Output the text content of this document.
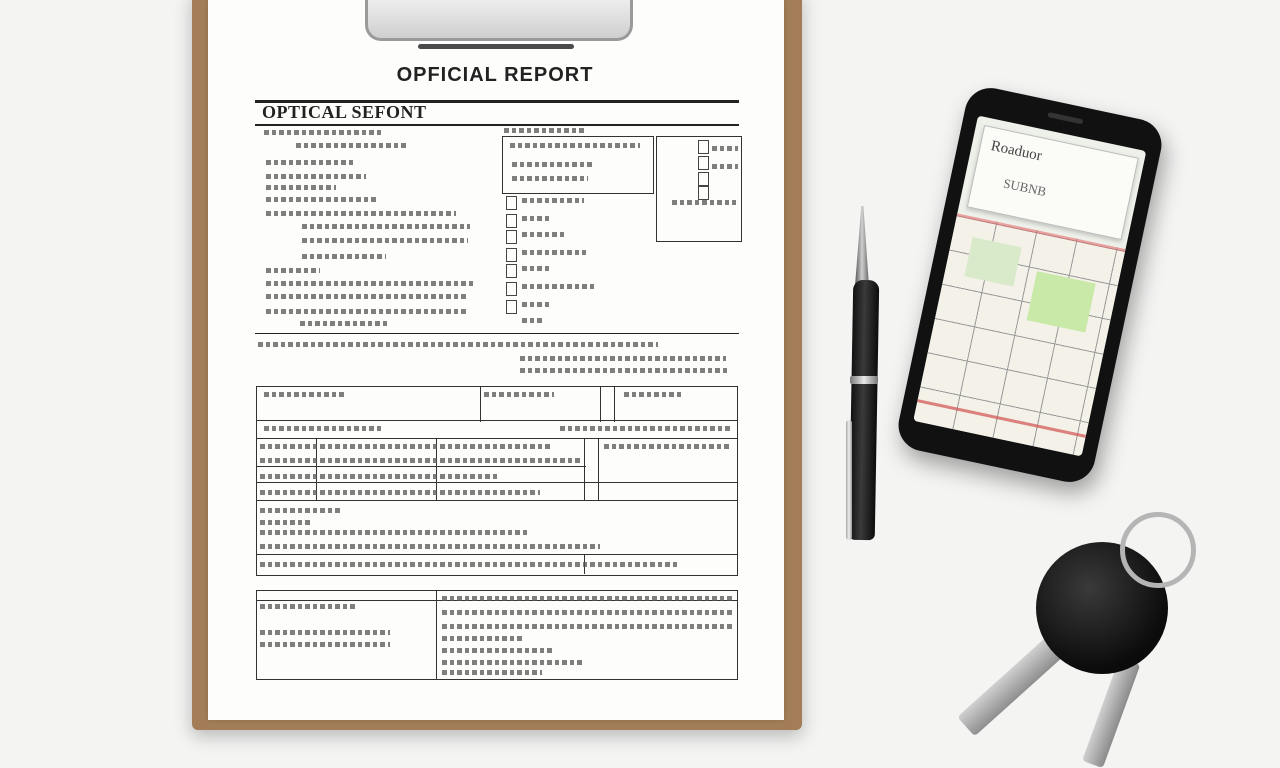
OPFICIAL REPORT
OPTICAL SEFONT
Roaduor
SUBNB
